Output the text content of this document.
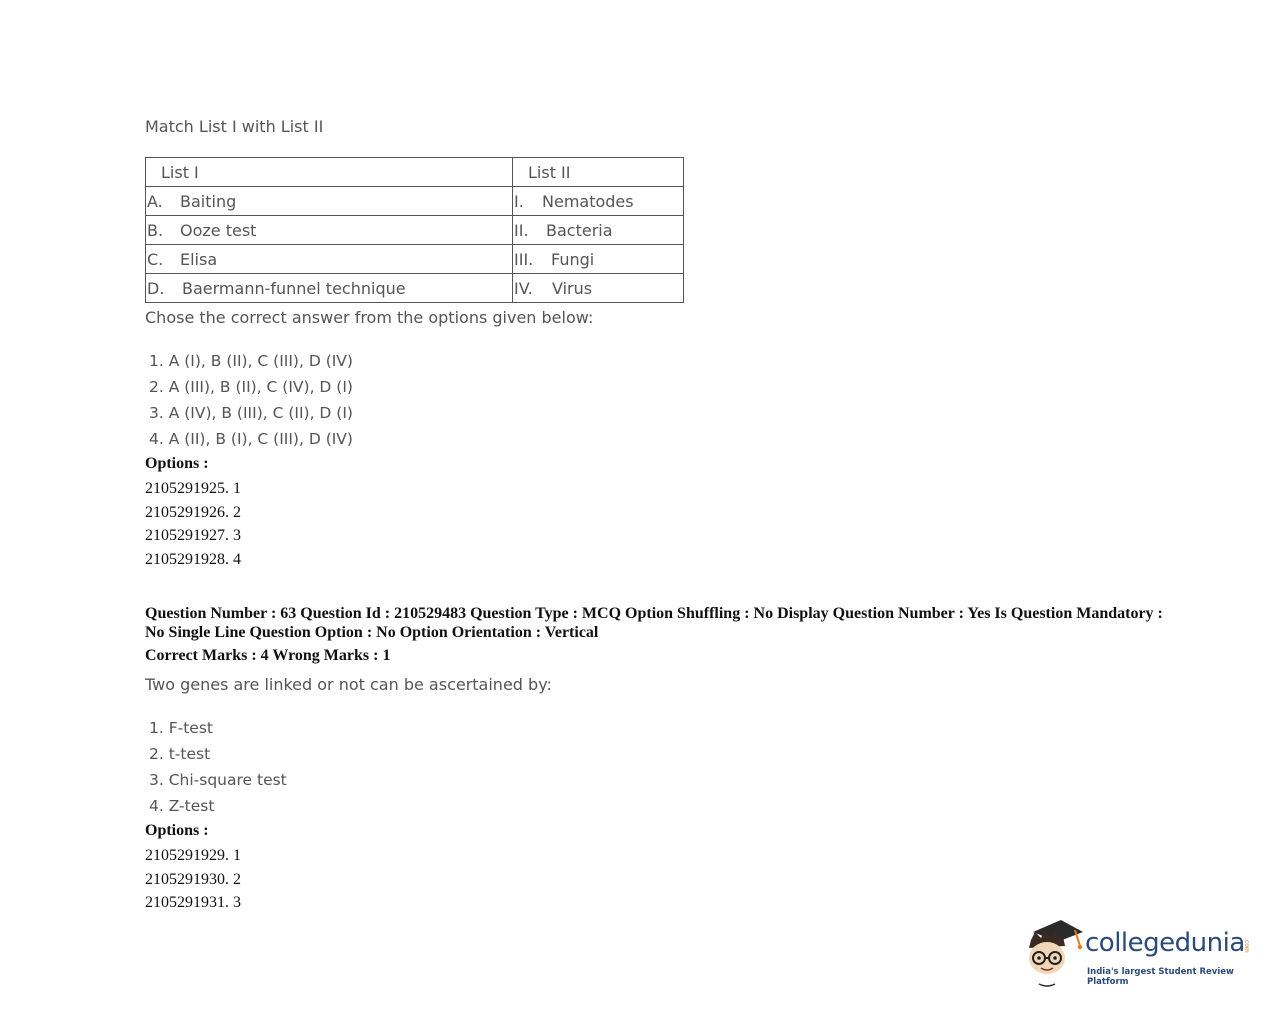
Match List I with List II
List I	List II
A. Baiting	I. Nematodes
B. Ooze test	II. Bacteria
C. Elisa	III. Fungi
D. Baermann-funnel technique	IV. Virus
Chose the correct answer from the options given below:
1. A (I), B (II), C (III), D (IV)
2. A (III), B (II), C (IV), D (I)
3. A (IV), B (III), C (II), D (I)
4. A (II), B (I), C (III), D (IV)
Options :
2105291925. 1
2105291926. 2
2105291927. 3
2105291928. 4
Question Number : 63 Question Id : 210529483 Question Type : MCQ Option Shuffling : No Display Question Number : Yes Is Question Mandatory : No Single Line Question Option : No Option Orientation : Vertical
Correct Marks : 4 Wrong Marks : 1
Two genes are linked or not can be ascertained by:
1. F-test
2. t-test
3. Chi-square test
4. Z-test
Options :
2105291929. 1
2105291930. 2
2105291931. 3
collegedunia
.com
India's largest Student Review Platform
